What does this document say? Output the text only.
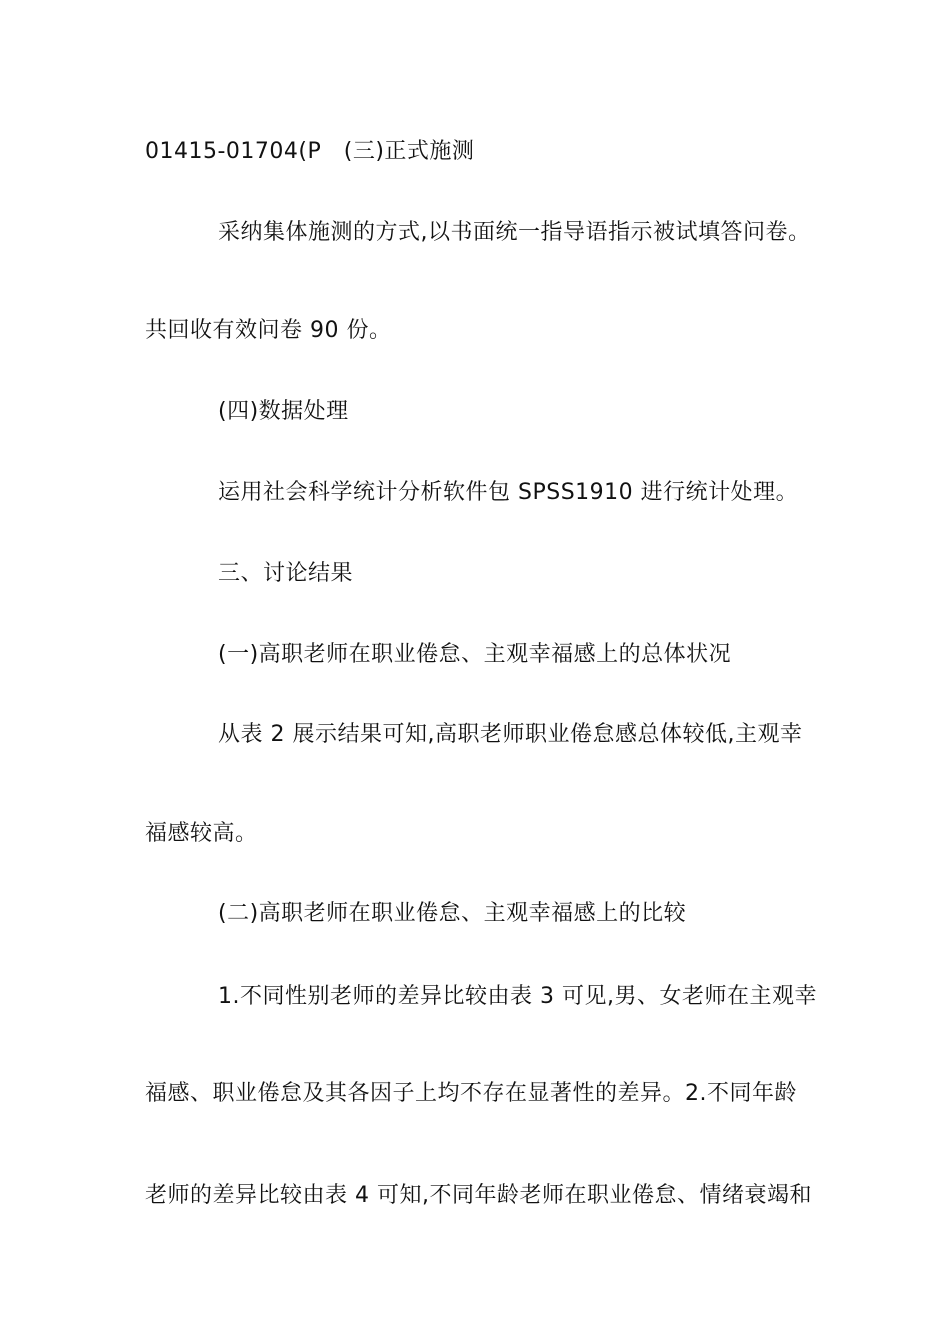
01415-01704(P　(三)正式施测
采纳集体施测的方式,以书面统一指导语指示被试填答问卷。
共回收有效问卷 90 份。
(四)数据处理
运用社会科学统计分析软件包 SPSS1910 进行统计处理。
三、讨论结果
(一)高职老师在职业倦怠、主观幸福感上的总体状况
从表 2 展示结果可知,高职老师职业倦怠感总体较低,主观幸
福感较高。
(二)高职老师在职业倦怠、主观幸福感上的比较
1.不同性别老师的差异比较由表 3 可见,男、女老师在主观幸
福感、职业倦怠及其各因子上均不存在显著性的差异。2.不同年龄
老师的差异比较由表 4 可知,不同年龄老师在职业倦怠、情绪衰竭和
